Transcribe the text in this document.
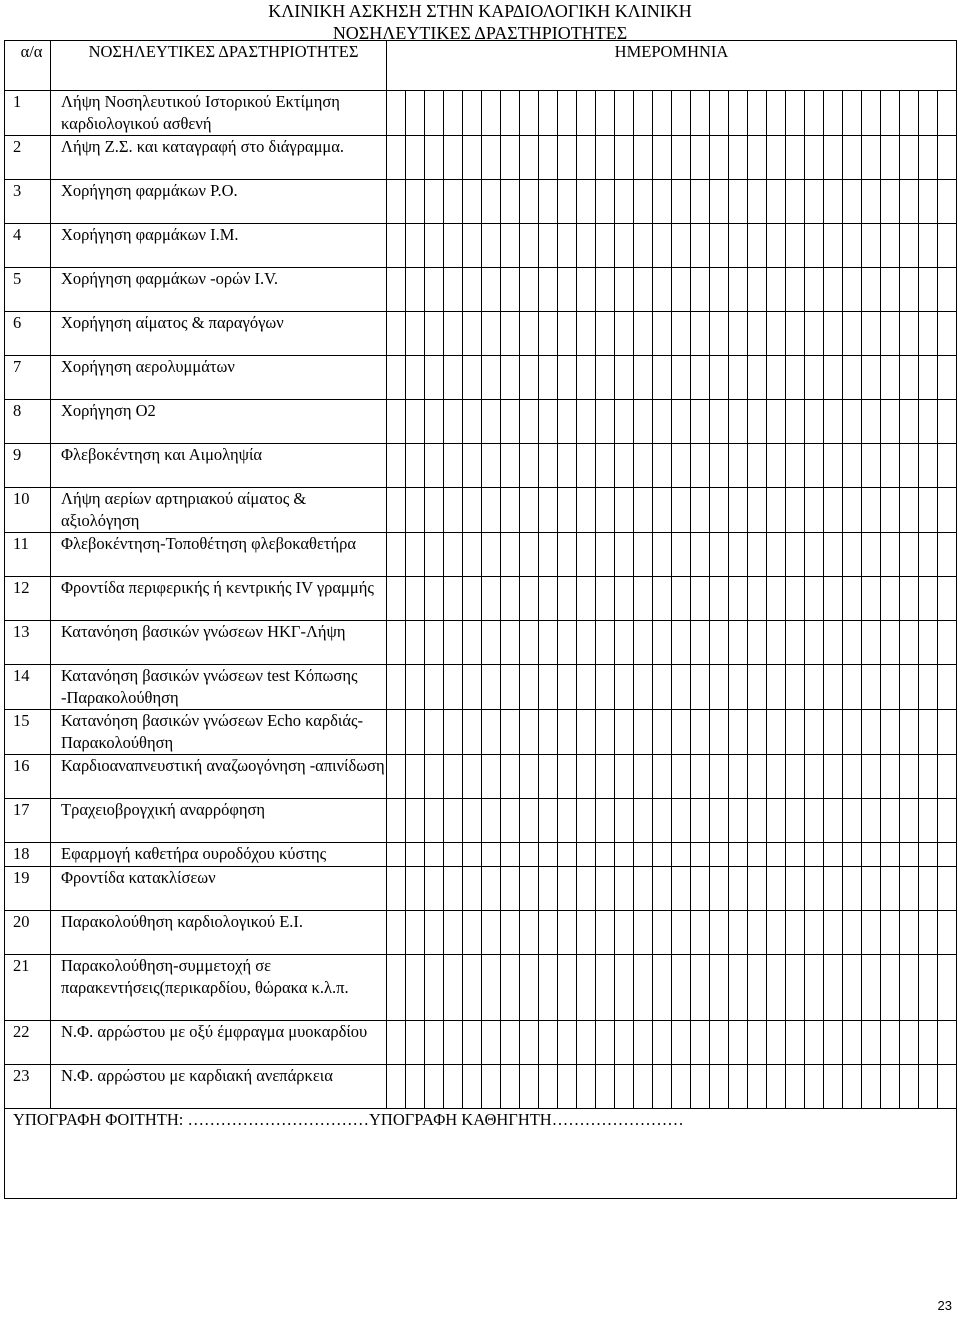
ΚΛΙΝΙΚΗ ΑΣΚΗΣΗ ΣΤΗΝ ΚΑΡΔΙΟΛΟΓΙΚΗ ΚΛΙΝΙΚΗ
ΝΟΣΗΛΕΥΤΙΚΕΣ ΔΡΑΣΤΗΡΙΟΤΗΤΕΣ
α/α	ΝΟΣΗΛΕΥΤΙΚΕΣ ΔΡΑΣΤΗΡΙΟΤΗΤΕΣ	ΗΜΕΡΟΜΗΝΙΑ																													
1	Λήψη Νοσηλευτικού Ιστορικού Εκτίμηση καρδιολογικού ασθενή																														
2	Λήψη Ζ.Σ. και καταγραφή στο διάγραμμα.																														
3	Χορήγηση φαρμάκων Ρ.Ο.																														
4	Χορήγηση φαρμάκων Ι.Μ.																														
5	Χορήγηση φαρμάκων -ορών I.V.																														
6	Χορήγηση αίματος & παραγόγων																														
7	Χορήγηση αερολυμμάτων																														
8	Χορήγηση Ο2																														
9	Φλεβοκέντηση και Αιμοληψία																														
10	Λήψη αερίων αρτηριακού αίματος & αξιολόγηση																														
11	Φλεβοκέντηση-Τοποθέτηση φλεβοκαθετήρα																														
12	Φροντίδα περιφερικής ή κεντρικής IV γραμμής																														
13	Κατανόηση βασικών γνώσεων ΗΚΓ-Λήψη																														
14	Κατανόηση βασικών γνώσεων test Κόπωσης -Παρακολούθηση																														
15	Κατανόηση βασικών γνώσεων Echo καρδιάς-Παρακολούθηση																														
16	Καρδιοαναπνευστική αναζωογόνηση -απινίδωση																														
17	Τραχειοβρογχική αναρρόφηση																														
18	Εφαρμογή καθετήρα ουροδόχου κύστης																														
19	Φροντίδα κατακλίσεων																														
20	Παρακολούθηση καρδιολογικού Ε.Ι.																														
21	Παρακολούθηση-συμμετοχή σε παρακεντήσεις(περικαρδίου, θώρακα κ.λ.π.																														
22	Ν.Φ. αρρώστου με οξύ έμφραγμα μυοκαρδίου																														
23	Ν.Φ. αρρώστου με καρδιακή ανεπάρκεια																														
ΥΠΟΓΡΑΦΗ ΦΟΙΤΗΤΗ: ……………………………ΥΠΟΓΡΑΦΗ ΚΑΘΗΓΗΤΗ……………………																															
23
